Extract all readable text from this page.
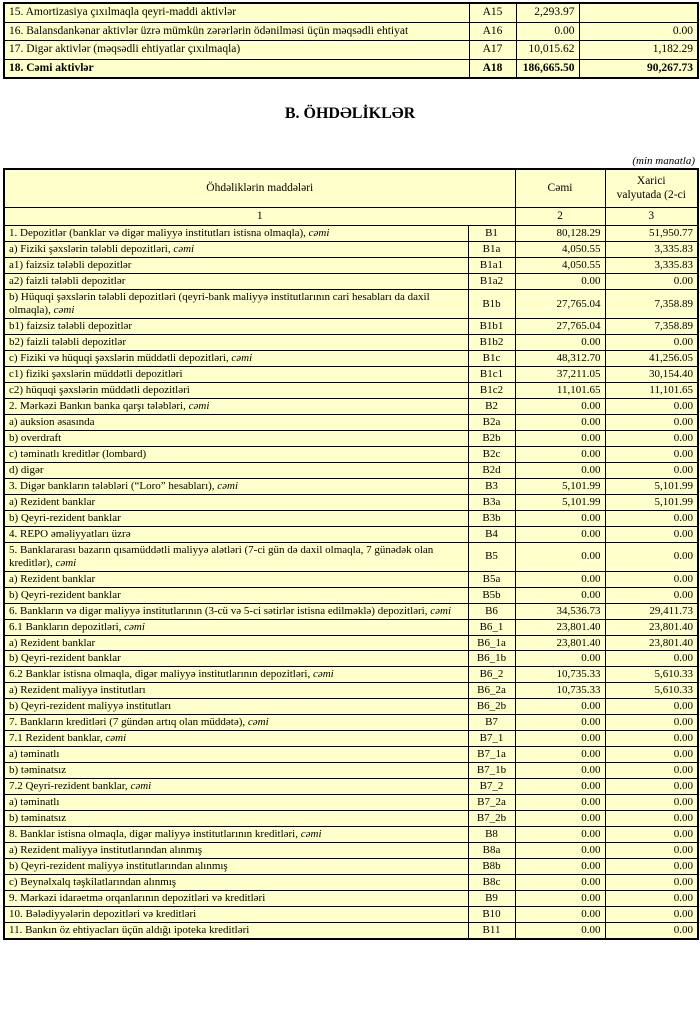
15. Amortizasiya çıxılmaqla qeyri-maddi aktivlər	A15	2,293.97	
16. Balansdankənar aktivlər üzrə mümkün zərərlərin ödənilməsi üçün məqsədli ehtiyat	A16	0.00	0.00
17. Digər aktivlər (məqsədli ehtiyatlar çıxılmaqla)	A17	10,015.62	1,182.29
18. Cəmi aktivlər	A18	186,665.50	90,267.73
B. ÖHDƏLİKLƏR
(min manatla)
Öhdəliklərin maddələri		Cəmi	Xarici
valyutada (2-ci
1		2	3
1. Depozitlər (banklar və digər maliyyə institutları istisna olmaqla), cəmi	B1	80,128.29	51,950.77
a) Fiziki şəxslərin tələbli depozitləri, cəmi	B1a	4,050.55	3,335.83
a1) faizsiz tələbli depozitlər	B1a1	4,050.55	3,335.83
a2) faizli tələbli depozitlər	B1a2	0.00	0.00
b) Hüquqi şəxslərin tələbli depozitləri (qeyri-bank maliyyə institutlarının cari hesabları da daxil olmaqla), cəmi	B1b	27,765.04	7,358.89
b1) faizsiz tələbli depozitlər	B1b1	27,765.04	7,358.89
b2) faizli tələbli depozitlər	B1b2	0.00	0.00
c) Fiziki və hüquqi şəxslərin müddətli depozitləri, cəmi	B1c	48,312.70	41,256.05
c1) fiziki şəxslərin müddətli depozitləri	B1c1	37,211.05	30,154.40
c2) hüquqi şəxslərin müddətli depozitləri	B1c2	11,101.65	11,101.65
2. Mərkəzi Bankın banka qarşı tələbləri, cəmi	B2	0.00	0.00
a) auksion əsasında	B2a	0.00	0.00
b) overdraft	B2b	0.00	0.00
c) təminatlı kreditlər (lombard)	B2c	0.00	0.00
d) digər	B2d	0.00	0.00
3. Digər bankların tələbləri (“Loro” hesabları), cəmi	B3	5,101.99	5,101.99
a) Rezident banklar	B3a	5,101.99	5,101.99
b) Qeyri-rezident banklar	B3b	0.00	0.00
4. REPO əməliyyatları üzrə	B4	0.00	0.00
5. Banklararası bazarın qısamüddətli maliyyə alətləri (7-ci gün də daxil olmaqla, 7 günədək olan kreditlər), cəmi	B5	0.00	0.00
a) Rezident banklar	B5a	0.00	0.00
b) Qeyri-rezident banklar	B5b	0.00	0.00
6. Bankların və digər maliyyə institutlarının (3-cü və 5-ci sətirlər istisna edilməklə) depozitləri, cəmi	B6	34,536.73	29,411.73
6.1 Bankların depozitləri, cəmi	B6_1	23,801.40	23,801.40
a) Rezident banklar	B6_1a	23,801.40	23,801.40
b) Qeyri-rezident banklar	B6_1b	0.00	0.00
6.2 Banklar istisna olmaqla, digər maliyyə institutlarının depozitləri, cəmi	B6_2	10,735.33	5,610.33
a) Rezident maliyyə institutları	B6_2a	10,735.33	5,610.33
b) Qeyri-rezident maliyyə institutları	B6_2b	0.00	0.00
7. Bankların kreditləri (7 gündən artıq olan müddətə), cəmi	B7	0.00	0.00
7.1 Rezident banklar, cəmi	B7_1	0.00	0.00
a) təminatlı	B7_1a	0.00	0.00
b) təminatsız	B7_1b	0.00	0.00
7.2 Qeyri-rezident banklar, cəmi	B7_2	0.00	0.00
a) təminatlı	B7_2a	0.00	0.00
b) təminatsız	B7_2b	0.00	0.00
8. Banklar istisna olmaqla, digər maliyyə institutlarının kreditləri, cəmi	B8	0.00	0.00
a) Rezident maliyyə institutlarından alınmış	B8a	0.00	0.00
b) Qeyri-rezident maliyyə institutlarından alınmış	B8b	0.00	0.00
c) Beynəlxalq təşkilatlarından alınmış	B8c	0.00	0.00
9. Mərkəzi idarəetmə orqanlarının depozitləri və kreditləri	B9	0.00	0.00
10. Bələdiyyələrin depozitləri və kreditləri	B10	0.00	0.00
11. Bankın öz ehtiyacları üçün aldığı ipoteka kreditləri	B11	0.00	0.00
